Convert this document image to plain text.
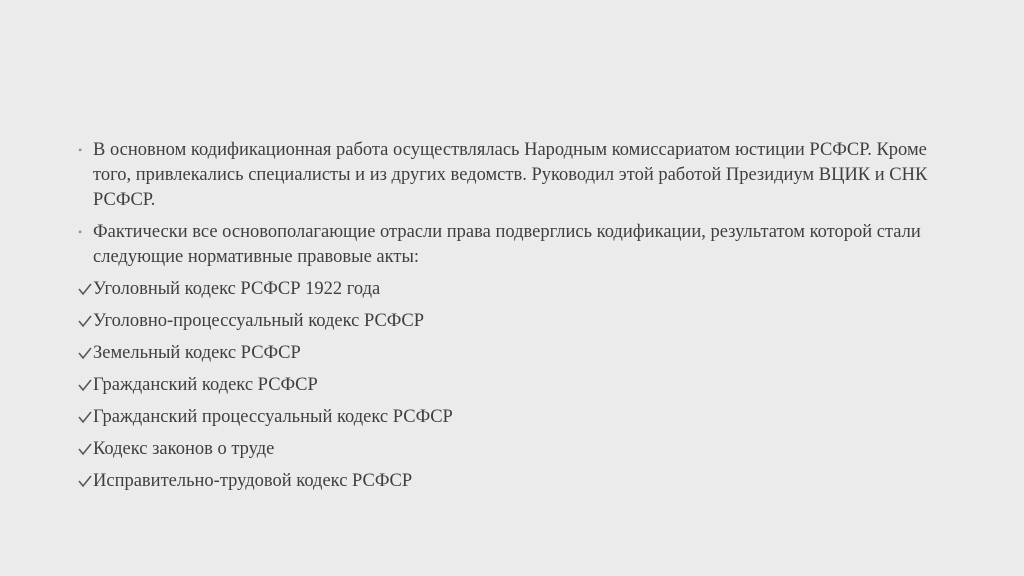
• В основном кодификационная работа осуществлялась Народным комиссариатом юстиции РСФСР. Кроме того, привлекались специалисты и из других ведомств. Руководил этой работой Президиум ВЦИК и СНК РСФСР.
• Фактически все основополагающие отрасли права подверглись кодификации, результатом которой стали следующие нормативные правовые акты:
Уголовный кодекс РСФСР 1922 года
Уголовно-процессуальный кодекс РСФСР
Земельный кодекс РСФСР
Гражданский кодекс РСФСР
Гражданский процессуальный кодекс РСФСР
Кодекс законов о труде
Исправительно-трудовой кодекс РСФСР
